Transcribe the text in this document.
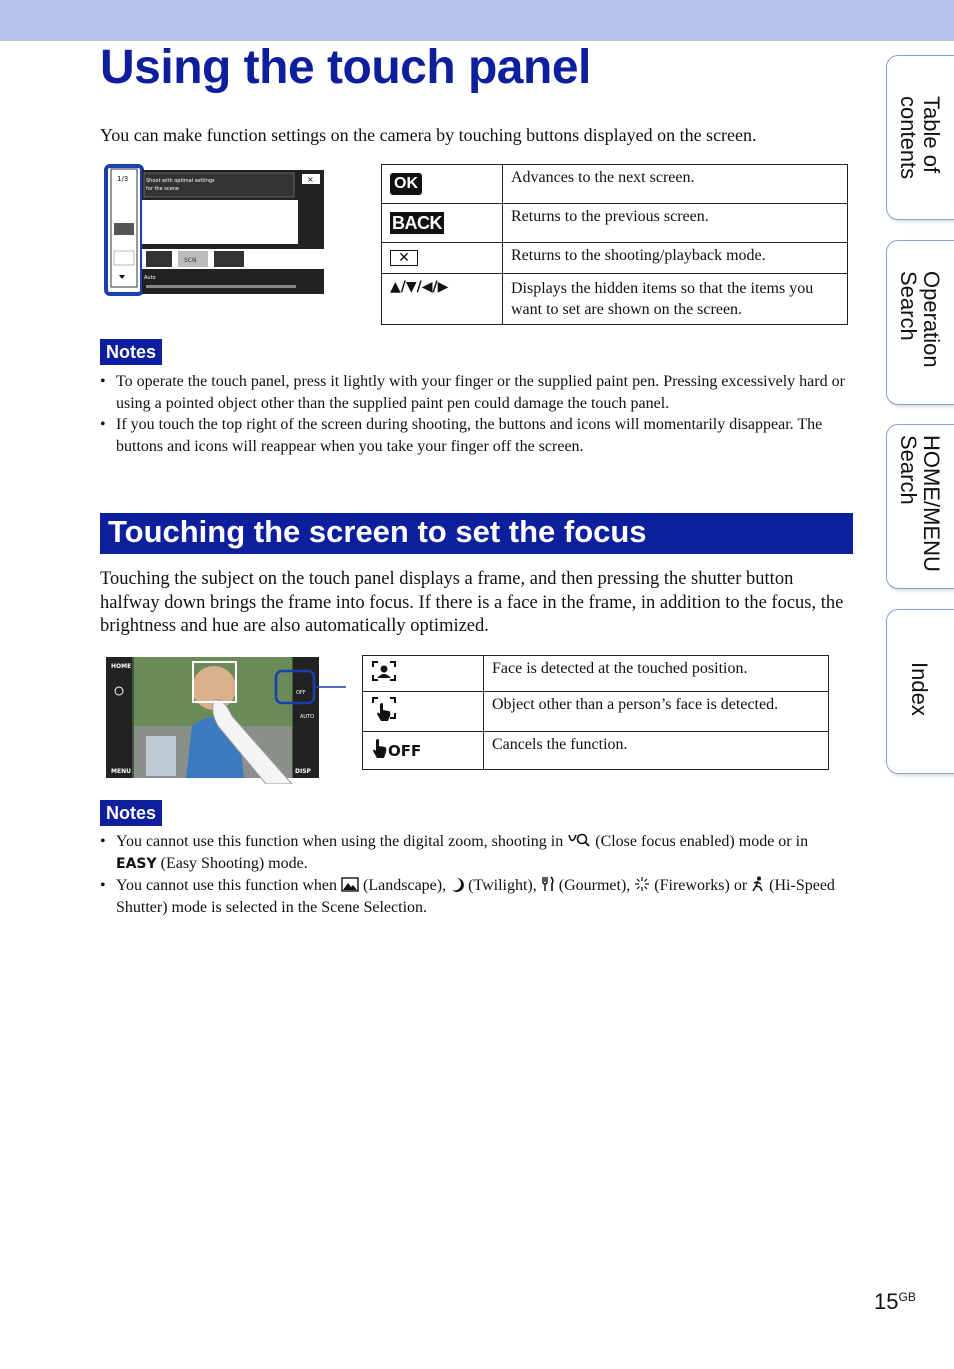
Using the touch panel
You can make function settings on the camera by touching buttons displayed on the screen.
1/3	Shoot with optimal settings
for the scene
×
Scene Recognition
SCN
Auto
OK	Advances to the next screen.
BACK	Returns to the previous screen.
✕	Returns to the shooting/playback mode.
▲/▼/◀/▶	Displays the hidden items so that the items you want to set are shown on the screen.
Notes
• To operate the touch panel, press it lightly with your finger or the supplied paint pen. Pressing excessively hard or using a pointed object other than the supplied paint pen could damage the touch panel.
• If you touch the top right of the screen during shooting, the buttons and icons will momentarily disappear. The buttons and icons will reappear when you take your finger off the screen.
Touching the screen to set the focus
Touching the subject on the touch panel displays a frame, and then pressing the shutter button halfway down brings the frame into focus. If there is a face in the frame, in addition to the focus, the brightness and hue are also automatically optimized.
HOME
MENU	DISP
AUTO
OFF
	Face is detected at the touched position.
	Object other than a person’s face is detected.

OFF	Cancels the function.
Notes
• You cannot use this function when using the digital zoom, shooting in (Close focus enabled) mode or in EASY (Easy Shooting) mode.
• You cannot use this function when (Landscape), (Twilight), (Gourmet), (Fireworks) or (Hi-Speed Shutter) mode is selected in the Scene Selection.
Table of
contents
Operation
Search
HOME/MENU
Search
Index
$15^{GB}$
